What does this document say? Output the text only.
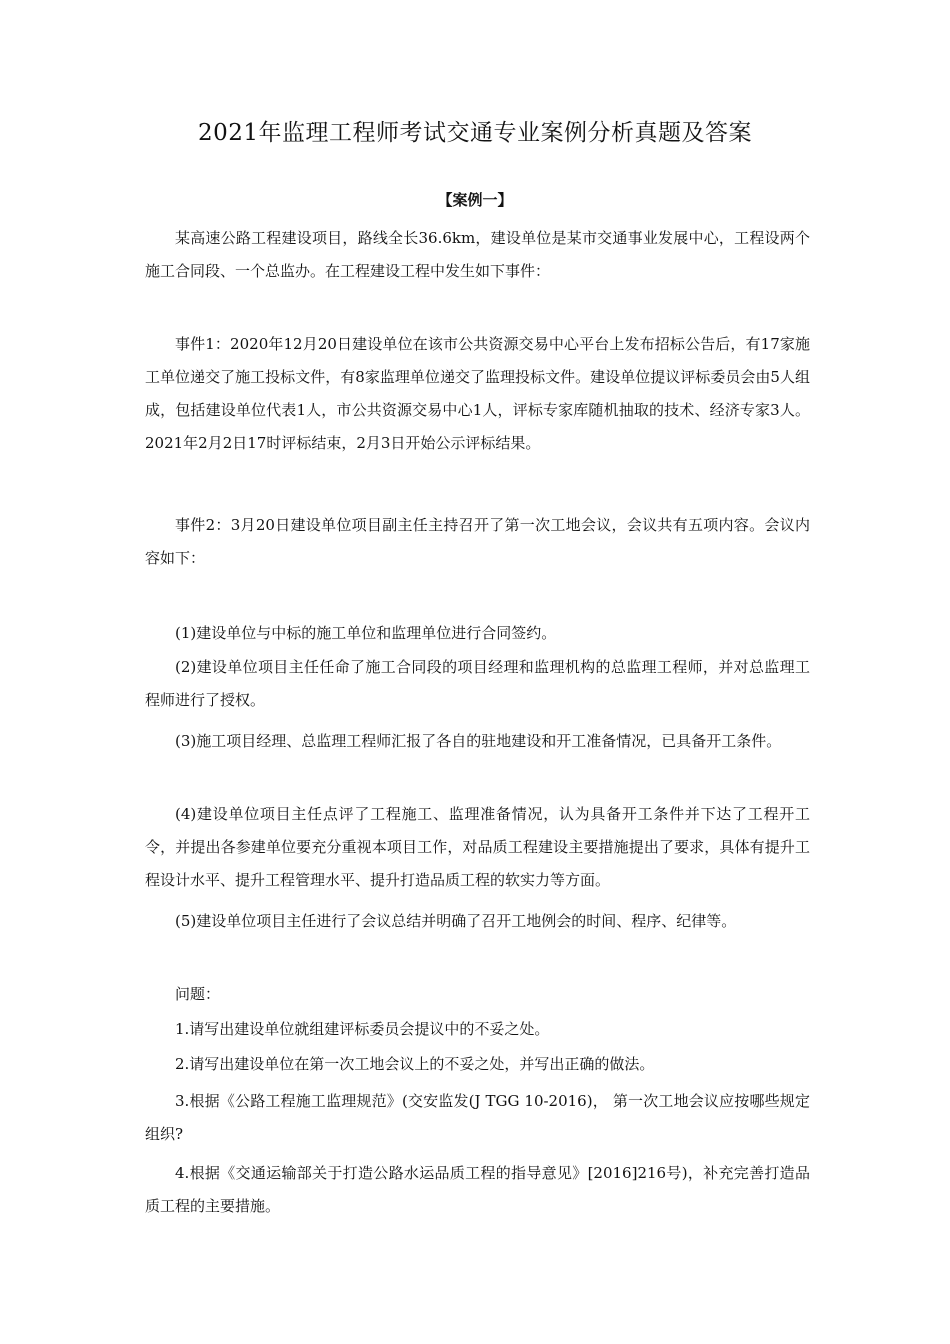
2021年监理工程师考试交通专业案例分析真题及答案
【案例一】

某高速公路工程建设项目，路线全长36.6km，建设单位是某市交通事业发展中心，工程设两个施工合同段、一个总监办。在工程建设工程中发生如下事件：

事件1：2020年12月20日建设单位在该市公共资源交易中心平台上发布招标公告后，有17家施工单位递交了施工投标文件，有8家监理单位递交了监理投标文件。建设单位提议评标委员会由5人组成，包括建设单位代表1人，市公共资源交易中心1人，评标专家库随机抽取的技术、经济专家3人。2021年2月2日17时评标结束，2月3日开始公示评标结果。

事件2：3月20日建设单位项目副主任主持召开了第一次工地会议，会议共有五项内容。会议内容如下：

(1)建设单位与中标的施工单位和监理单位进行合同签约。

(2)建设单位项目主任任命了施工合同段的项目经理和监理机构的总监理工程师，并对总监理工程师进行了授权。

(3)施工项目经理、总监理工程师汇报了各自的驻地建设和开工准备情况，已具备开工条件。

(4)建设单位项目主任点评了工程施工、监理准备情况，认为具备开工条件并下达了工程开工令，并提出各参建单位要充分重视本项目工作，对品质工程建设主要措施提出了要求，具体有提升工程设计水平、提升工程管理水平、提升打造品质工程的软实力等方面。

(5)建设单位项目主任进行了会议总结并明确了召开工地例会的时间、程序、纪律等。

问题：

1.请写出建设单位就组建评标委员会提议中的不妥之处。

2.请写出建设单位在第一次工地会议上的不妥之处，并写出正确的做法。

3.根据《公路工程施工监理规范》(交安监发(J TGG 10-2016)， 第一次工地会议应按哪些规定组织?

4.根据《交通运输部关于打造公路水运品质工程的指导意见》[2016]216号)，补充完善打造品质工程的主要措施。
